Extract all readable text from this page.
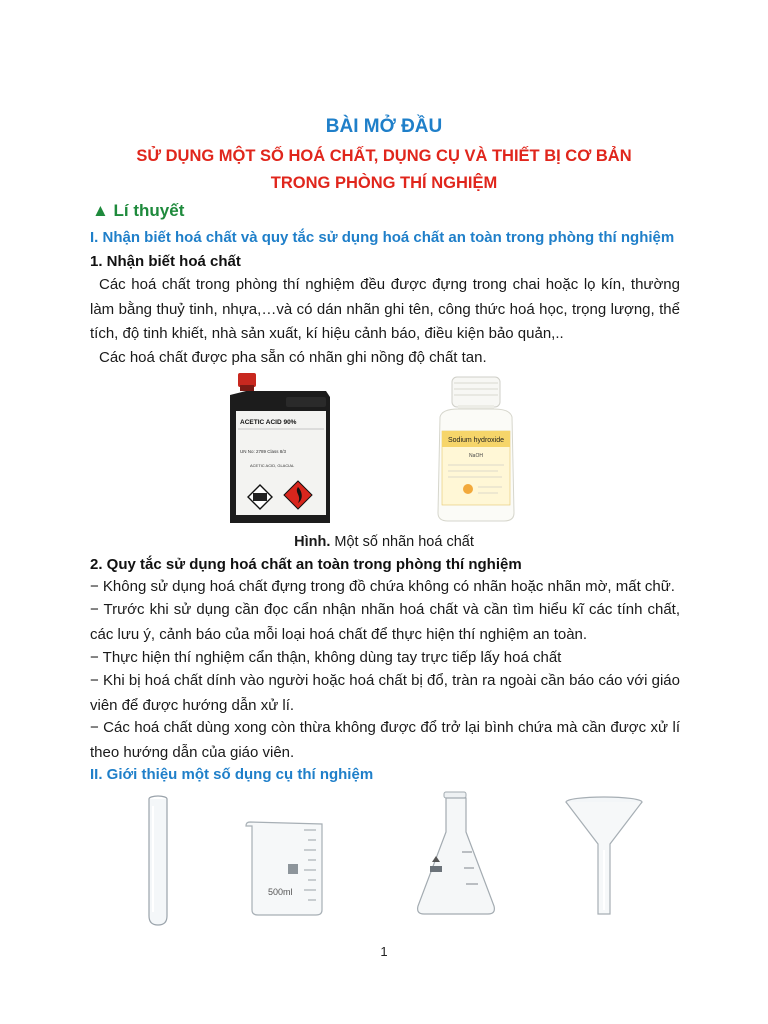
BÀI MỞ ĐẦU
SỬ DỤNG MỘT SỐ HOÁ CHẤT, DỤNG CỤ VÀ THIẾT BỊ CƠ BẢN
TRONG PHÒNG THÍ NGHIỆM
▲ Lí thuyết
I. Nhận biết hoá chất và quy tắc sử dụng hoá chất an toàn trong phòng thí nghiệm
1. Nhận biết hoá chất
Các hoá chất trong phòng thí nghiệm đều được đựng trong chai hoặc lọ kín, thường làm bằng thuỷ tinh, nhựa,…và có dán nhãn ghi tên, công thức hoá học, trọng lượng, thể tích, độ tinh khiết, nhà sản xuất, kí hiệu cảnh báo, điều kiện bảo quản,..
Các hoá chất được pha sẵn có nhãn ghi nồng độ chất tan.
ACETIC ACID 90%
UN No: 2789 Class 8/3
ACETIC ACID, GLACIAL
Sodium hydroxide
NaOH
Hình. Một số nhãn hoá chất
2. Quy tắc sử dụng hoá chất an toàn trong phòng thí nghiệm
− Không sử dụng hoá chất đựng trong đồ chứa không có nhãn hoặc nhãn mờ, mất chữ.
− Trước khi sử dụng cần đọc cẩn nhận nhãn hoá chất và cần tìm hiểu kĩ các tính chất, các lưu ý, cảnh báo của mỗi loại hoá chất để thực hiện thí nghiệm an toàn.
− Thực hiện thí nghiệm cẩn thận, không dùng tay trực tiếp lấy hoá chất
− Khi bị hoá chất dính vào người hoặc hoá chất bị đổ, tràn ra ngoài cần báo cáo với giáo viên để được hướng dẫn xử lí.
− Các hoá chất dùng xong còn thừa không được đổ trở lại bình chứa mà cần được xử lí theo hướng dẫn của giáo viên.
II. Giới thiệu một số dụng cụ thí nghiệm
500ml
1
